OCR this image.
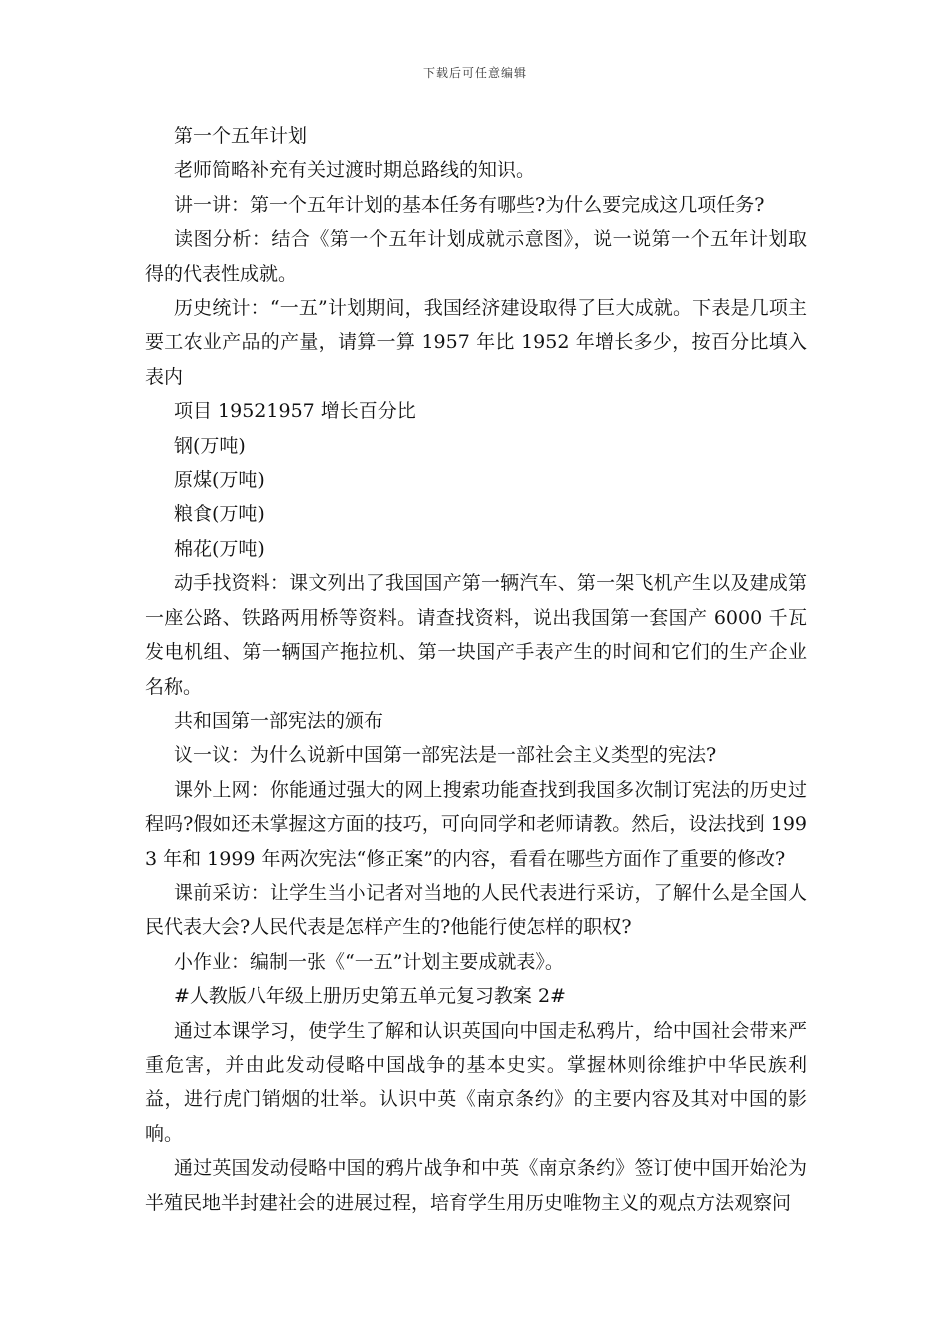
下载后可任意编辑

第一个五年计划

老师简略补充有关过渡时期总路线的知识。

讲一讲：第一个五年计划的基本任务有哪些?为什么要完成这几项任务?

读图分析：结合《第一个五年计划成就示意图》，说一说第一个五年计划取得的代表性成就。

历史统计：“一五”计划期间，我国经济建设取得了巨大成就。下表是几项主要工农业产品的产量，请算一算 1957 年比 1952 年增长多少，按百分比填入表内

项目 19521957 增长百分比

钢(万吨)

原煤(万吨)

粮食(万吨)

棉花(万吨)

动手找资料：课文列出了我国国产第一辆汽车、第一架飞机产生以及建成第一座公路、铁路两用桥等资料。请查找资料，说出我国第一套国产 6000 千瓦发电机组、第一辆国产拖拉机、第一块国产手表产生的时间和它们的生产企业名称。

共和国第一部宪法的颁布

议一议：为什么说新中国第一部宪法是一部社会主义类型的宪法?

课外上网：你能通过强大的网上搜索功能查找到我国多次制订宪法的历史过程吗?假如还未掌握这方面的技巧，可向同学和老师请教。然后，设法找到 1993 年和 1999 年两次宪法“修正案”的内容，看看在哪些方面作了重要的修改?

课前采访：让学生当小记者对当地的人民代表进行采访，了解什么是全国人民代表大会?人民代表是怎样产生的?他能行使怎样的职权?

小作业：编制一张《“一五”计划主要成就表》。

#人教版八年级上册历史第五单元复习教案 2#

通过本课学习，使学生了解和认识英国向中国走私鸦片，给中国社会带来严重危害，并由此发动侵略中国战争的基本史实。掌握林则徐维护中华民族利益，进行虎门销烟的壮举。认识中英《南京条约》的主要内容及其对中国的影响。

通过英国发动侵略中国的鸦片战争和中英《南京条约》签订使中国开始沦为半殖民地半封建社会的进展过程，培育学生用历史唯物主义的观点方法观察问
